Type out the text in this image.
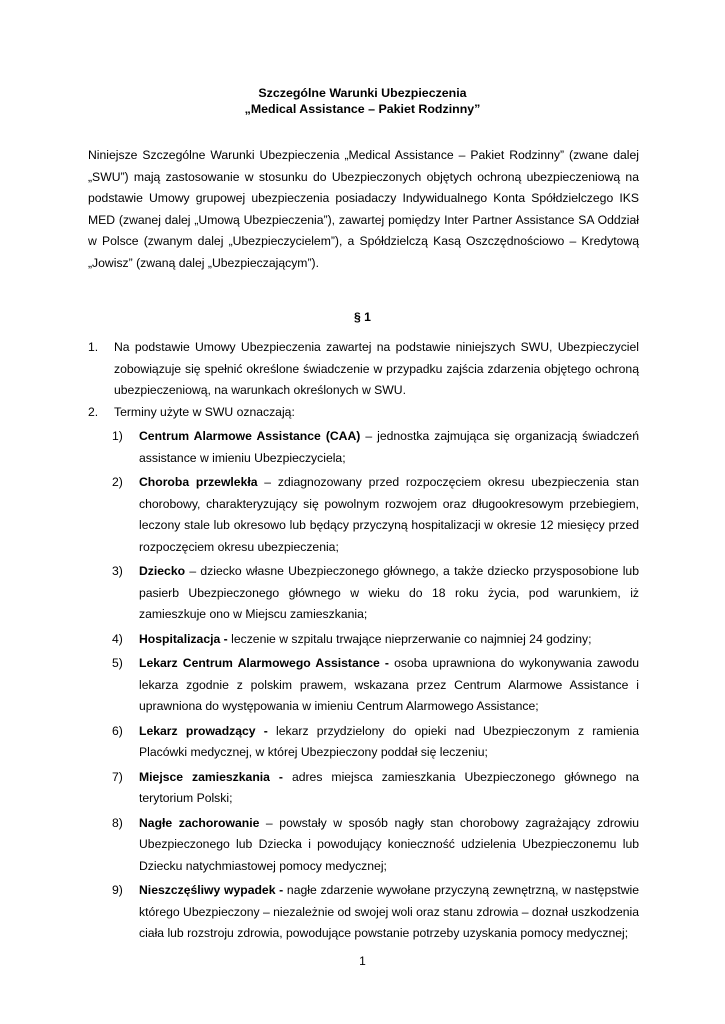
Szczególne Warunki Ubezpieczenia
„Medical Assistance – Pakiet Rodzinny”
Niniejsze Szczególne Warunki Ubezpieczenia „Medical Assistance – Pakiet Rodzinny” (zwane dalej „SWU”) mają zastosowanie w stosunku do Ubezpieczonych objętych ochroną ubezpieczeniową na podstawie Umowy grupowej ubezpieczenia posiadaczy Indywidualnego Konta Spółdzielczego IKS MED (zwanej dalej „Umową Ubezpieczenia”), zawartej pomiędzy Inter Partner Assistance SA Oddział w Polsce (zwanym dalej „Ubezpieczycielem”), a Spółdzielczą Kasą Oszczędnościowo – Kredytową „Jowisz” (zwaną dalej „Ubezpieczającym”).
§ 1
1. Na podstawie Umowy Ubezpieczenia zawartej na podstawie niniejszych SWU, Ubezpieczyciel zobowiązuje się spełnić określone świadczenie w przypadku zajścia zdarzenia objętego ochroną ubezpieczeniową, na warunkach określonych w SWU.
2. Terminy użyte w SWU oznaczają:
1) Centrum Alarmowe Assistance (CAA) – jednostka zajmująca się organizacją świadczeń assistance w imieniu Ubezpieczyciela;
2) Choroba przewlekła – zdiagnozowany przed rozpoczęciem okresu ubezpieczenia stan chorobowy, charakteryzujący się powolnym rozwojem oraz długookresowym przebiegiem, leczony stale lub okresowo lub będący przyczyną hospitalizacji w okresie 12 miesięcy przed rozpoczęciem okresu ubezpieczenia;
3) Dziecko – dziecko własne Ubezpieczonego głównego, a także dziecko przysposobione lub pasierb Ubezpieczonego głównego w wieku do 18 roku życia, pod warunkiem, iż zamieszkuje ono w Miejscu zamieszkania;
4) Hospitalizacja - leczenie w szpitalu trwające nieprzerwanie co najmniej 24 godziny;
5) Lekarz Centrum Alarmowego Assistance - osoba uprawniona do wykonywania zawodu lekarza zgodnie z polskim prawem, wskazana przez Centrum Alarmowe Assistance i uprawniona do występowania w imieniu Centrum Alarmowego Assistance;
6) Lekarz prowadzący - lekarz przydzielony do opieki nad Ubezpieczonym z ramienia Placówki medycznej, w której Ubezpieczony poddał się leczeniu;
7) Miejsce zamieszkania - adres miejsca zamieszkania Ubezpieczonego głównego na terytorium Polski;
8) Nagłe zachorowanie – powstały w sposób nagły stan chorobowy zagrażający zdrowiu Ubezpieczonego lub Dziecka i powodujący konieczność udzielenia Ubezpieczonemu lub Dziecku natychmiastowej pomocy medycznej;
9) Nieszczęśliwy wypadek - nagłe zdarzenie wywołane przyczyną zewnętrzną, w następstwie którego Ubezpieczony – niezależnie od swojej woli oraz stanu zdrowia – doznał uszkodzenia ciała lub rozstroju zdrowia, powodujące powstanie potrzeby uzyskania pomocy medycznej;
1
